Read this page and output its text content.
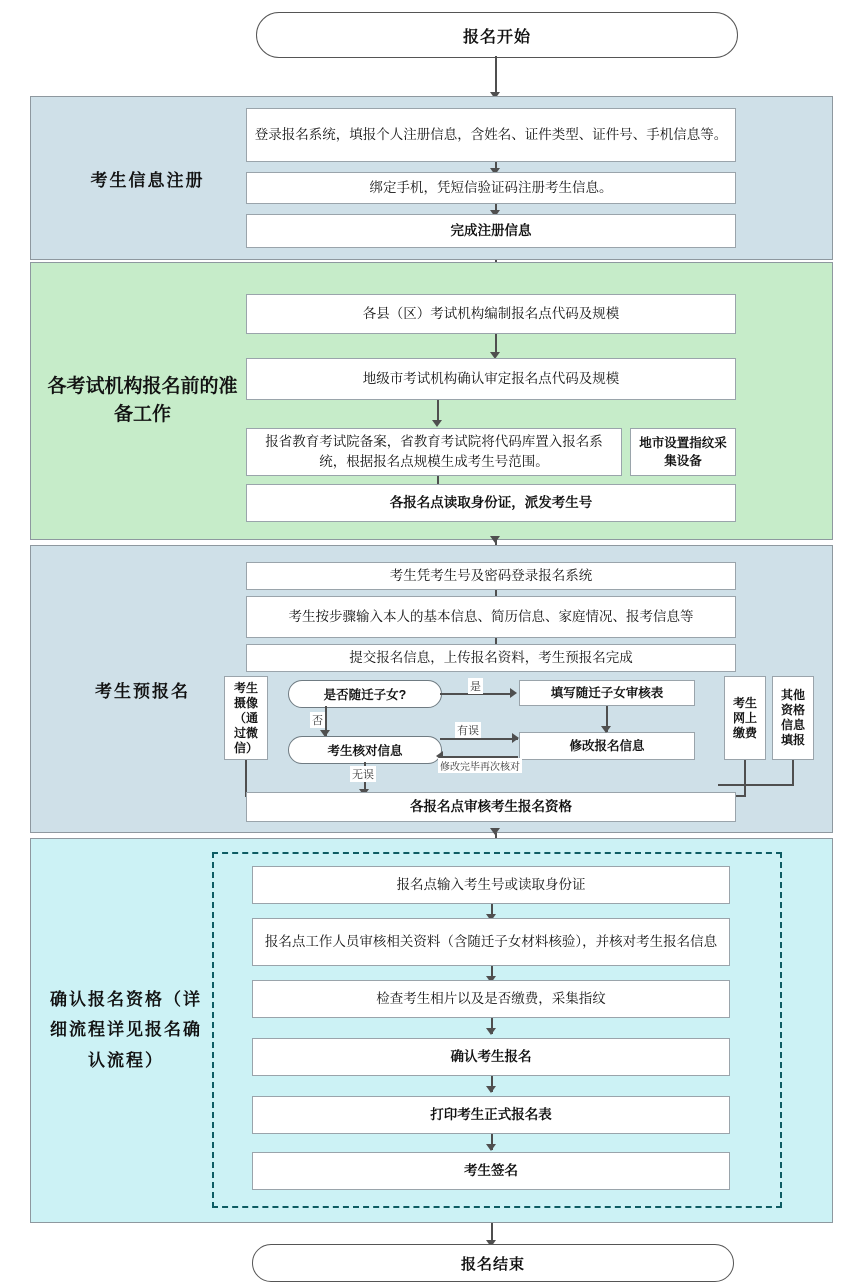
报名开始
考生信息注册
登录报名系统，填报个人注册信息，含姓名、证件类型、证件号、手机信息等。
绑定手机，凭短信验证码注册考生信息。
完成注册信息
各考试机构报名前的准备工作
各县（区）考试机构编制报名点代码及规模
地级市考试机构确认审定报名点代码及规模
报省教育考试院备案，省教育考试院将代码库置入报名系统，根据报名点规模生成考生号范围。
地市设置指纹采集设备
各报名点读取身份证，派发考生号
考生预报名
考生凭考生号及密码登录报名系统
考生按步骤输入本人的基本信息、简历信息、家庭情况、报考信息等
提交报名信息，上传报名资料，考生预报名完成
考生摄像（通过微信）
考生网上缴费
其他资格信息填报
是否随迁子女?
是	填写随迁子女审核表
否
考生核对信息	修改报名信息
有误
修改完毕再次核对
无误
各报名点审核考生报名资格
确认报名资格（详细流程详见报名确认流程）
报名点输入考生号或读取身份证
报名点工作人员审核相关资料（含随迁子女材料核验），并核对考生报名信息
检查考生相片以及是否缴费，采集指纹
确认考生报名
打印考生正式报名表
考生签名
报名结束
